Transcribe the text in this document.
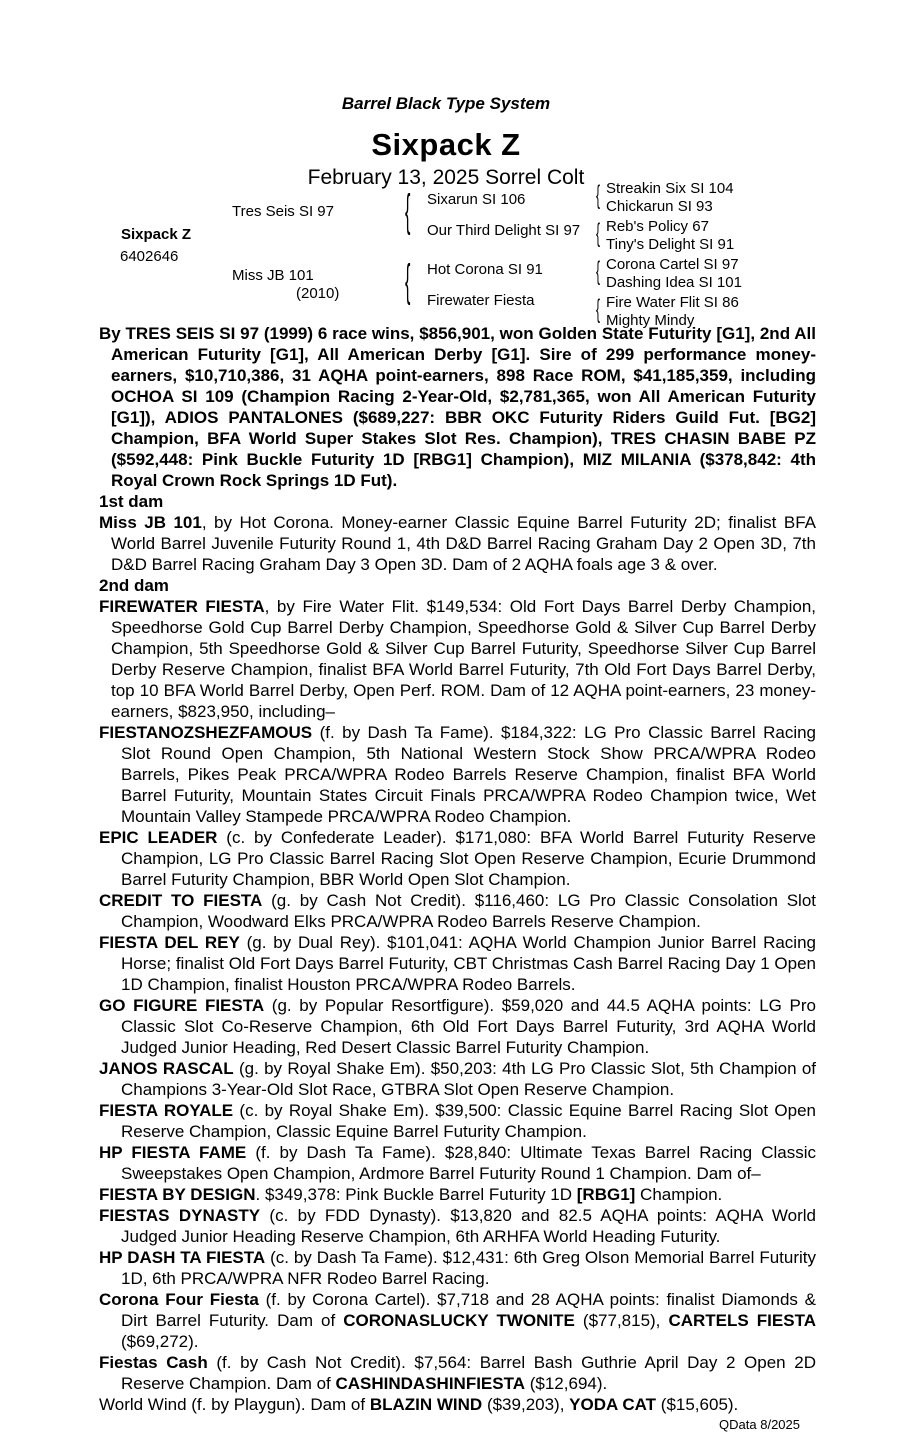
Barrel Black Type System
Sixpack Z
February 13, 2025 Sorrel Colt
Sixpack Z
6402646
Tres Seis SI 97
Miss JB 101
(2010)
{
{
Sixarun SI 106
Our Third Delight SI 97
Hot Corona SI 91
Firewater Fiesta
{ Streakin Six SI 104
Chickarun SI 93
{ Reb's Policy 67
Tiny's Delight SI 91
{ Corona Cartel SI 97
Dashing Idea SI 101
{ Fire Water Flit SI 86
Mighty Mindy

By TRES SEIS SI 97 (1999) 6 race wins, $856,901, won Golden State Futurity [G1], 2nd All American Futurity [G1], All American Derby [G1]. Sire of 299 performance money-earners, $10,710,386, 31 AQHA point-earners, 898 Race ROM, $41,185,359, including OCHOA SI 109 (Champion Racing 2-Year-Old, $2,781,365, won All American Futurity [G1]), ADIOS PANTALONES ($689,227: BBR OKC Futurity Riders Guild Fut. [BG2] Champion, BFA World Super Stakes Slot Res. Champion), TRES CHASIN BABE PZ ($592,448: Pink Buckle Futurity 1D [RBG1] Champion), MIZ MILANIA ($378,842: 4th Royal Crown Rock Springs 1D Fut).

1st dam

Miss JB 101, by Hot Corona. Money-earner Classic Equine Barrel Futurity 2D; finalist BFA World Barrel Juvenile Futurity Round 1, 4th D&D Barrel Racing Graham Day 2 Open 3D, 7th D&D Barrel Racing Graham Day 3 Open 3D. Dam of 2 AQHA foals age 3 & over.

2nd dam

FIREWATER FIESTA, by Fire Water Flit. $149,534: Old Fort Days Barrel Derby Champion, Speedhorse Gold Cup Barrel Derby Champion, Speedhorse Gold & Silver Cup Barrel Derby Champion, 5th Speedhorse Gold & Silver Cup Barrel Futurity, Speedhorse Silver Cup Barrel Derby Reserve Champion, finalist BFA World Barrel Futurity, 7th Old Fort Days Barrel Derby, top 10 BFA World Barrel Derby, Open Perf. ROM. Dam of 12 AQHA point-earners, 23 money-earners, $823,950, including–

FIESTANOZSHEZFAMOUS (f. by Dash Ta Fame). $184,322: LG Pro Classic Barrel Racing Slot Round Open Champion, 5th National Western Stock Show PRCA/WPRA Rodeo Barrels, Pikes Peak PRCA/WPRA Rodeo Barrels Reserve Champion, finalist BFA World Barrel Futurity, Mountain States Circuit Finals PRCA/WPRA Rodeo Champion twice, Wet Mountain Valley Stampede PRCA/WPRA Rodeo Champion.

EPIC LEADER (c. by Confederate Leader). $171,080: BFA World Barrel Futurity Reserve Champion, LG Pro Classic Barrel Racing Slot Open Reserve Champion, Ecurie Drummond Barrel Futurity Champion, BBR World Open Slot Champion.

CREDIT TO FIESTA (g. by Cash Not Credit). $116,460: LG Pro Classic Consolation Slot Champion, Woodward Elks PRCA/WPRA Rodeo Barrels Reserve Champion.

FIESTA DEL REY (g. by Dual Rey). $101,041: AQHA World Champion Junior Barrel Racing Horse; finalist Old Fort Days Barrel Futurity, CBT Christmas Cash Barrel Racing Day 1 Open 1D Champion, finalist Houston PRCA/WPRA Rodeo Barrels.

GO FIGURE FIESTA (g. by Popular Resortfigure). $59,020 and 44.5 AQHA points: LG Pro Classic Slot Co-Reserve Champion, 6th Old Fort Days Barrel Futurity, 3rd AQHA World Judged Junior Heading, Red Desert Classic Barrel Futurity Champion.

JANOS RASCAL (g. by Royal Shake Em). $50,203: 4th LG Pro Classic Slot, 5th Champion of Champions 3-Year-Old Slot Race, GTBRA Slot Open Reserve Champion.

FIESTA ROYALE (c. by Royal Shake Em). $39,500: Classic Equine Barrel Racing Slot Open Reserve Champion, Classic Equine Barrel Futurity Champion.

HP FIESTA FAME (f. by Dash Ta Fame). $28,840: Ultimate Texas Barrel Racing Classic Sweepstakes Open Champion, Ardmore Barrel Futurity Round 1 Champion. Dam of–

FIESTA BY DESIGN. $349,378: Pink Buckle Barrel Futurity 1D [RBG1] Champion.

FIESTAS DYNASTY (c. by FDD Dynasty). $13,820 and 82.5 AQHA points: AQHA World Judged Junior Heading Reserve Champion, 6th ARHFA World Heading Futurity.

HP DASH TA FIESTA (c. by Dash Ta Fame). $12,431: 6th Greg Olson Memorial Barrel Futurity 1D, 6th PRCA/WPRA NFR Rodeo Barrel Racing.

Corona Four Fiesta (f. by Corona Cartel). $7,718 and 28 AQHA points: finalist Diamonds & Dirt Barrel Futurity. Dam of CORONASLUCKY TWONITE ($77,815), CARTELS FIESTA ($69,272).

Fiestas Cash (f. by Cash Not Credit). $7,564: Barrel Bash Guthrie April Day 2 Open 2D Reserve Champion. Dam of CASHINDASHINFIESTA ($12,694).

World Wind (f. by Playgun). Dam of BLAZIN WIND ($39,203), YODA CAT ($15,605).

QData 8/2025
